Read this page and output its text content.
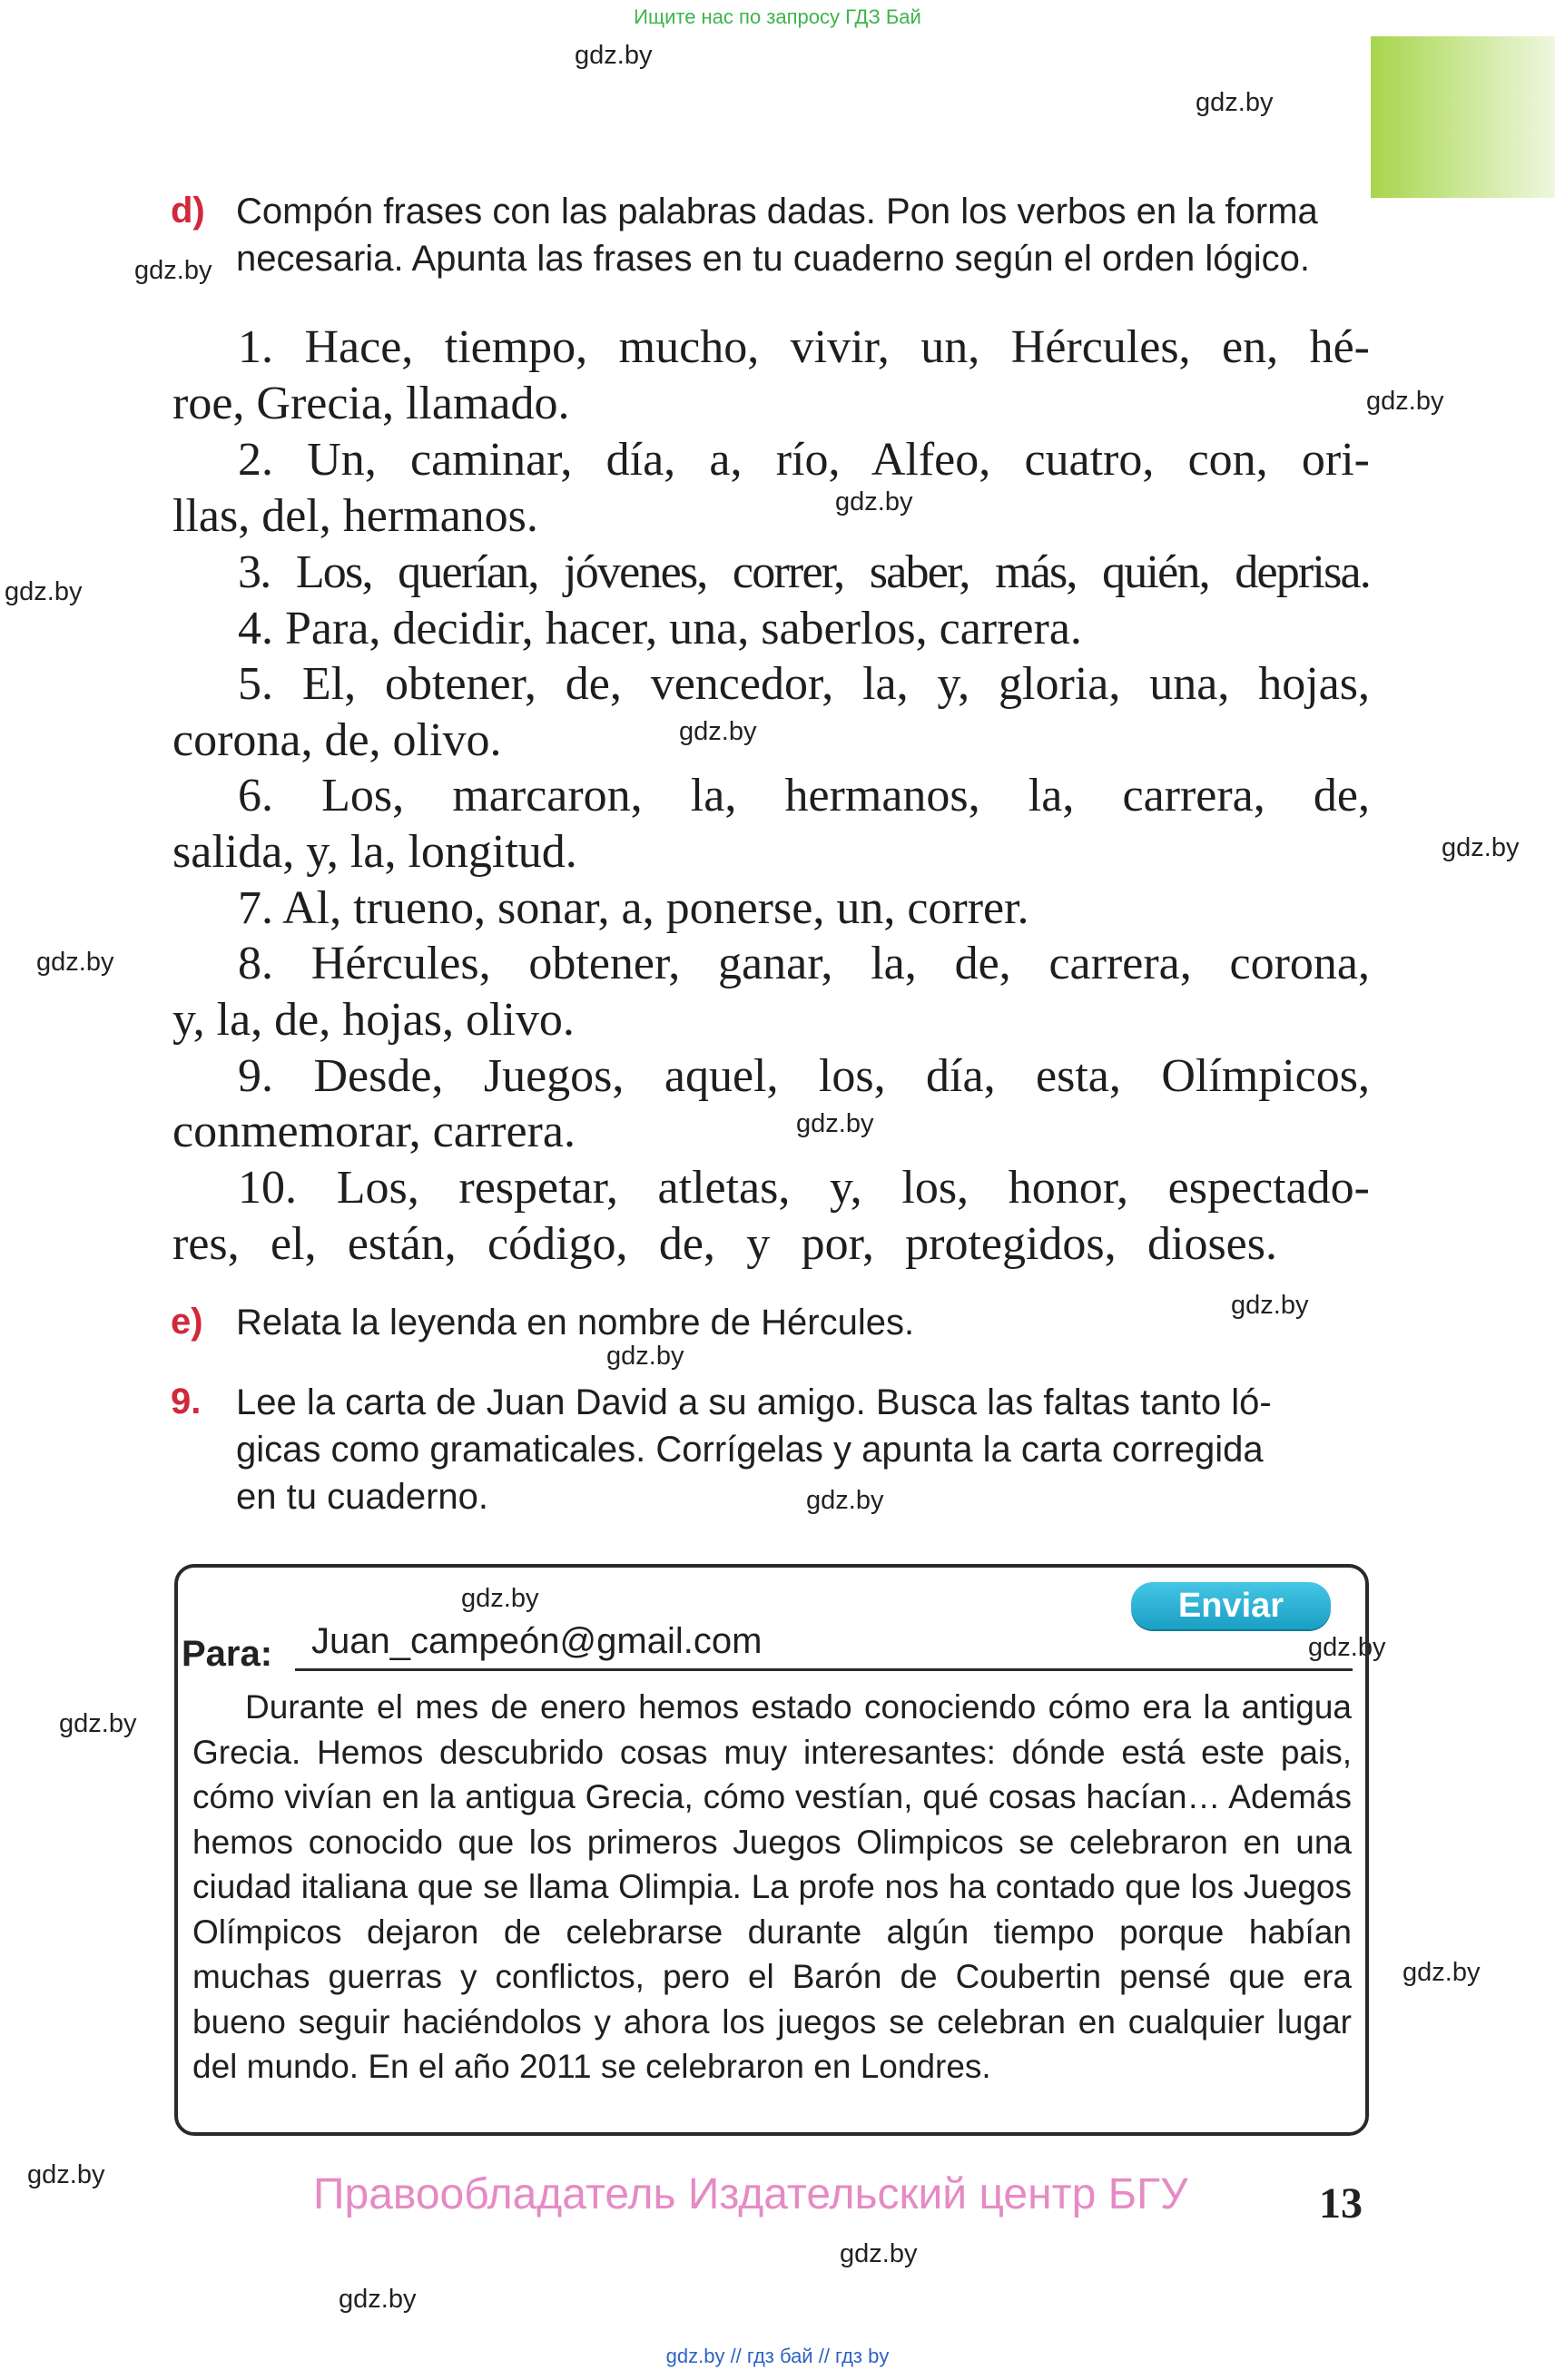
Ищите нас по запросу ГДЗ Бай
gdz.by
gdz.by
gdz.by
gdz.by
gdz.by
gdz.by
gdz.by
gdz.by
gdz.by
gdz.by
gdz.by
gdz.by
gdz.by
gdz.by
gdz.by
gdz.by
gdz.by
gdz.by
gdz.by
gdz.by
d) Compón frases con las palabras dadas. Pon los verbos en la forma
necesaria. Apunta las frases en tu cuaderno según el orden lógico.
1. Hace, tiempo, mucho, vivir, un, Hércules, en, hé-
roe, Grecia, llamado.
2. Un, caminar, día, a, río, Alfeo, cuatro, con, ori-
llas, del, hermanos.
3. Los, querían, jóvenes, correr, saber, más, quién, deprisa.
4. Para, decidir, hacer, una, saberlos, carrera.
5. El, obtener, de, vencedor, la, y, gloria, una, hojas,
corona, de, olivo.
6. Los, marcaron, la, hermanos, la, carrera, de,
salida, y, la, longitud.
7. Al, trueno, sonar, a, ponerse, un, correr.
8. Hércules, obtener, ganar, la, de, carrera, corona,
y, la, de, hojas, olivo.
9. Desde, Juegos, aquel, los, día, esta, Olímpicos,
conmemorar, carrera.
10. Los, respetar, atletas, y, los, honor, espectado-
res, el, están, código, de, y por, protegidos, dioses.
e) Relata la leyenda en nombre de Hércules.
9. Lee la carta de Juan David a su amigo. Busca las faltas tanto ló-
gicas como gramaticales. Corrígelas y apunta la carta corregida
en tu cuaderno.
Enviar
Para: Juan_campeón@gmail.com
Durante el mes de enero hemos estado conociendo cómo era la antigua Grecia. Hemos descubrido cosas muy interesantes: dónde está este pais, cómo vivían en la antigua Grecia, cómo vestían, qué cosas hacían… Además hemos conocido que los primeros Juegos Olimpicos se celebraron en una ciudad italiana que se llama Olimpia. La profe nos ha contado que los Juegos Olímpicos dejaron de celebrarse durante algún tiempo porque habían muchas guerras y conflictos, pero el Barón de Coubertin pensé que era bueno seguir haciéndolos y ahora los juegos se celebran en cualquier lugar del mundo. En el año 2011 se celebraron en Londres.
Правообладатель Издательский центр БГУ	13
gdz.by // гдз бай // гдз by
